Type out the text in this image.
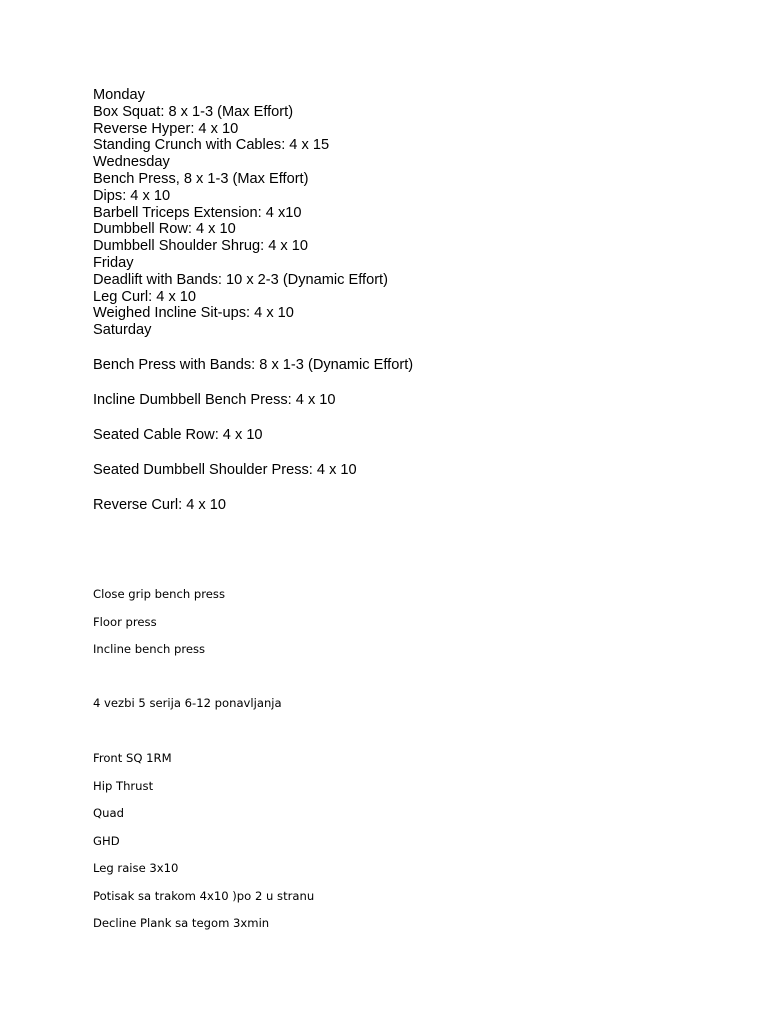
Monday
Box Squat: 8 x 1-3 (Max Effort)
Reverse Hyper: 4 x 10
Standing Crunch with Cables: 4 x 15
Wednesday
Bench Press, 8 x 1-3 (Max Effort)
Dips: 4 x 10
Barbell Triceps Extension: 4 x10
Dumbbell Row: 4 x 10
Dumbbell Shoulder Shrug: 4 x 10
Friday
Deadlift with Bands: 10 x 2-3 (Dynamic Effort)
Leg Curl: 4 x 10
Weighed Incline Sit-ups: 4 x 10
Saturday
Bench Press with Bands: 8 x 1-3 (Dynamic Effort)
Incline Dumbbell Bench Press: 4 x 10
Seated Cable Row: 4 x 10
Seated Dumbbell Shoulder Press: 4 x 10
Reverse Curl: 4 x 10
Close grip bench press
Floor press
Incline bench press
4 vezbi 5 serija 6-12 ponavljanja
Front SQ 1RM
Hip Thrust
Quad
GHD
Leg raise 3x10
Potisak sa trakom 4x10 )po 2 u stranu
Decline Plank sa tegom 3xmin
